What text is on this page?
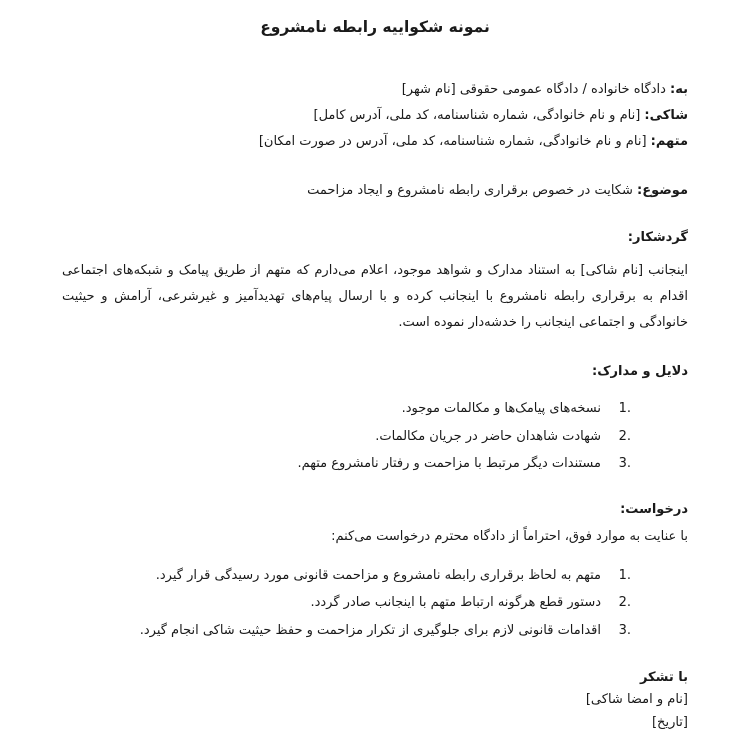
نمونه شکواییه رابطه نامشروع

به: دادگاه خانواده / دادگاه عمومی حقوقی [نام شهر]

شاکی: [نام و نام خانوادگی، شماره شناسنامه، کد ملی، آدرس کامل]

متهم: [نام و نام خانوادگی، شماره شناسنامه، کد ملی، آدرس در صورت امکان]

موضوع: شکایت در خصوص برقراری رابطه نامشروع و ایجاد مزاحمت

گردشکار:

اینجانب [نام شاکی] به استناد مدارک و شواهد موجود، اعلام می‌دارم که متهم از طریق پیامک و شبکه‌های اجتماعی اقدام به برقراری رابطه نامشروع با اینجانب کرده و با ارسال پیام‌های تهدیدآمیز و غیرشرعی، آرامش و حیثیت خانوادگی و اجتماعی اینجانب را خدشه‌دار نموده است.

دلایل و مدارک:
نسخه‌های پیامک‌ها و مکالمات موجود.
شهادت شاهدان حاضر در جریان مکالمات.
مستندات دیگر مرتبط با مزاحمت و رفتار نامشروع متهم.
درخواست:

با عنایت به موارد فوق، احتراماً از دادگاه محترم درخواست می‌کنم:

متهم به لحاظ برقراری رابطه نامشروع و مزاحمت قانونی مورد رسیدگی قرار گیرد.
دستور قطع هرگونه ارتباط متهم با اینجانب صادر گردد.
اقدامات قانونی لازم برای جلوگیری از تکرار مزاحمت و حفظ حیثیت شاکی انجام گیرد.

با تشکر

[نام و امضا شاکی]

[تاریخ]
